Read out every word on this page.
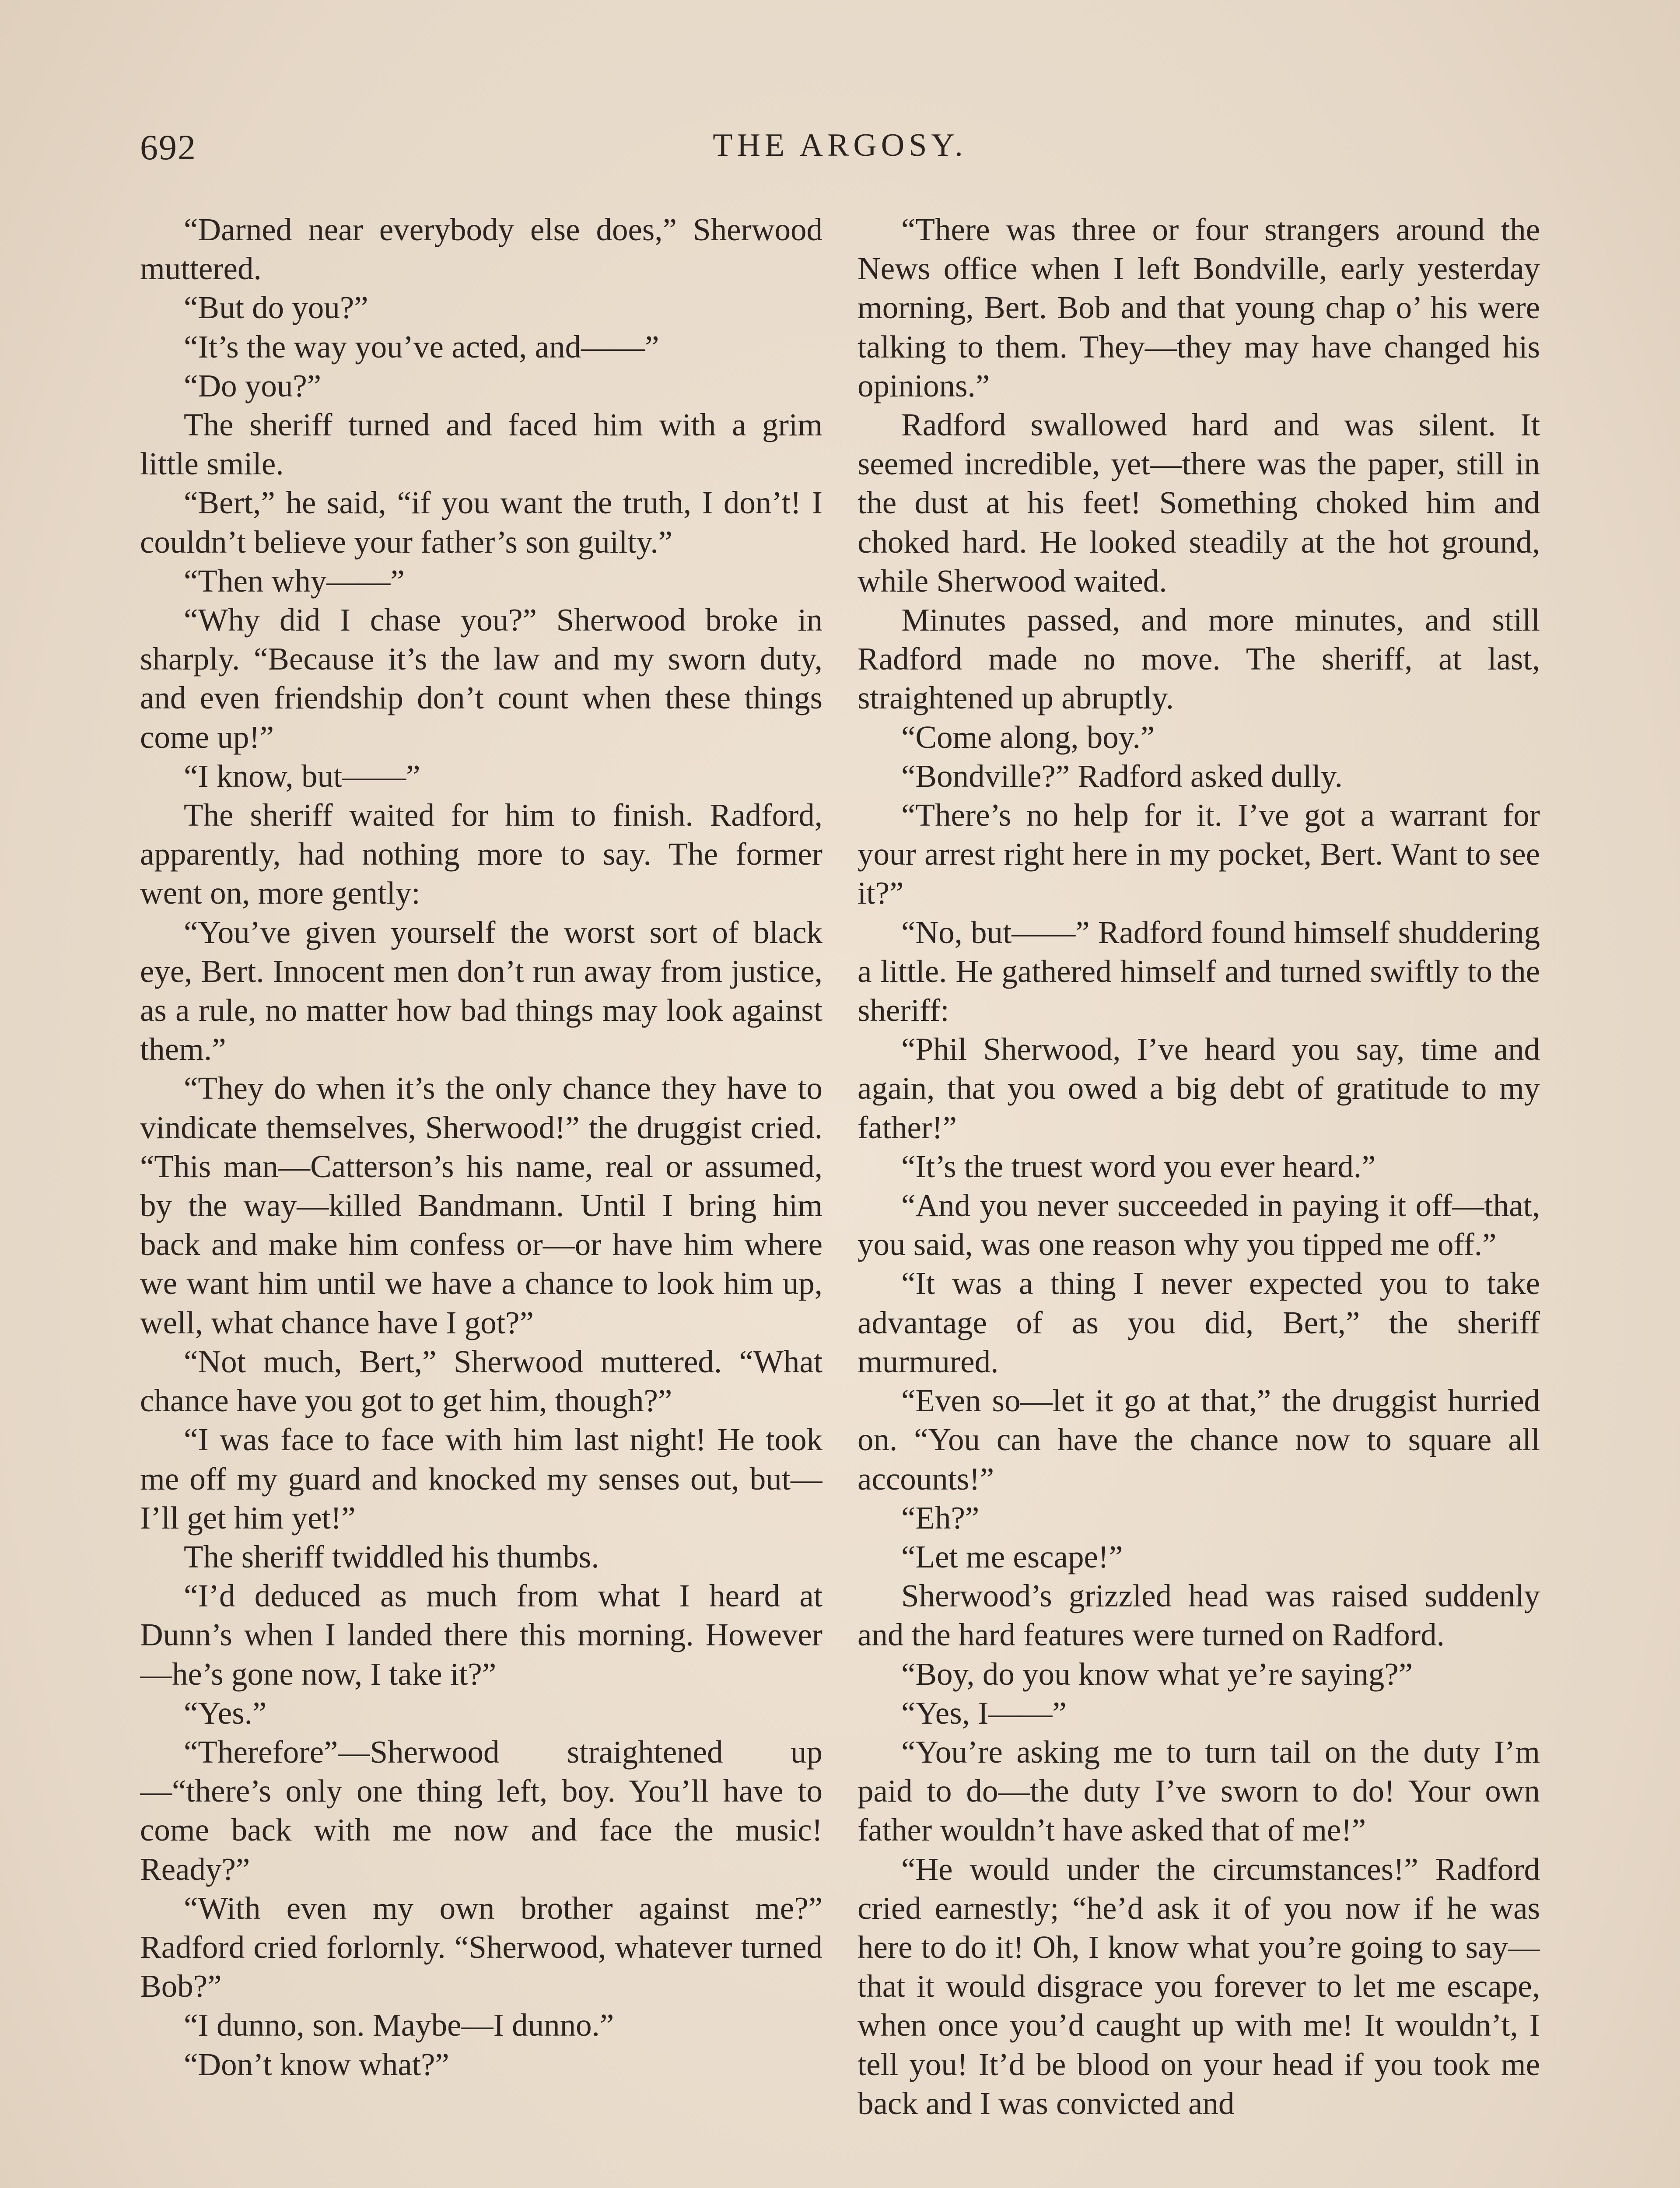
692	THE ARGOSY.

“Darned near everybody else does,” Sherwood muttered.

“But do you?”

“It’s the way you’ve acted, and——”

“Do you?”

The sheriff turned and faced him with a grim little smile.

“Bert,” he said, “if you want the truth, I don’t! I couldn’t believe your father’s son guilty.”

“Then why——”

“Why did I chase you?” Sherwood broke in sharply. “Because it’s the law and my sworn duty, and even friendship don’t count when these things come up!”

“I know, but——”

The sheriff waited for him to finish. Radford, apparently, had nothing more to say. The former went on, more gently:

“You’ve given yourself the worst sort of black eye, Bert. Innocent men don’t run away from justice, as a rule, no matter how bad things may look against them.”

“They do when it’s the only chance they have to vindicate themselves, Sherwood!” the druggist cried. “This man—Catterson’s his name, real or assumed, by the way—killed Bandmann. Until I bring him back and make him confess or—or have him where we want him until we have a chance to look him up, well, what chance have I got?”

“Not much, Bert,” Sherwood muttered. “What chance have you got to get him, though?”

“I was face to face with him last night! He took me off my guard and knocked my senses out, but—I’ll get him yet!”

The sheriff twiddled his thumbs.

“I’d deduced as much from what I heard at Dunn’s when I landed there this morning. However—he’s gone now, I take it?”

“Yes.”

“Therefore”—Sherwood straightened up—“there’s only one thing left, boy. You’ll have to come back with me now and face the music! Ready?”

“With even my own brother against me?” Radford cried forlornly. “Sherwood, whatever turned Bob?”

“I dunno, son. Maybe—I dunno.”

“Don’t know what?”

“There was three or four strangers around the News office when I left Bondville, early yesterday morning, Bert. Bob and that young chap o’ his were talking to them. They—they may have changed his opinions.”

Radford swallowed hard and was silent. It seemed incredible, yet—there was the paper, still in the dust at his feet! Something choked him and choked hard. He looked steadily at the hot ground, while Sherwood waited.

Minutes passed, and more minutes, and still Radford made no move. The sheriff, at last, straightened up abruptly.

“Come along, boy.”

“Bondville?” Radford asked dully.

“There’s no help for it. I’ve got a warrant for your arrest right here in my pocket, Bert. Want to see it?”

“No, but——” Radford found himself shuddering a little. He gathered himself and turned swiftly to the sheriff:

“Phil Sherwood, I’ve heard you say, time and again, that you owed a big debt of gratitude to my father!”

“It’s the truest word you ever heard.”

“And you never succeeded in paying it off—that, you said, was one reason why you tipped me off.”

“It was a thing I never expected you to take advantage of as you did, Bert,” the sheriff murmured.

“Even so—let it go at that,” the druggist hurried on. “You can have the chance now to square all accounts!”

“Eh?”

“Let me escape!”

Sherwood’s grizzled head was raised suddenly and the hard features were turned on Radford.

“Boy, do you know what ye’re saying?”

“Yes, I——”

“You’re asking me to turn tail on the duty I’m paid to do—the duty I’ve sworn to do! Your own father wouldn’t have asked that of me!”

“He would under the circumstances!” Radford cried earnestly; “he’d ask it of you now if he was here to do it! Oh, I know what you’re going to say—that it would disgrace you forever to let me escape, when once you’d caught up with me! It wouldn’t, I tell you! It’d be blood on your head if you took me back and I was convicted and
